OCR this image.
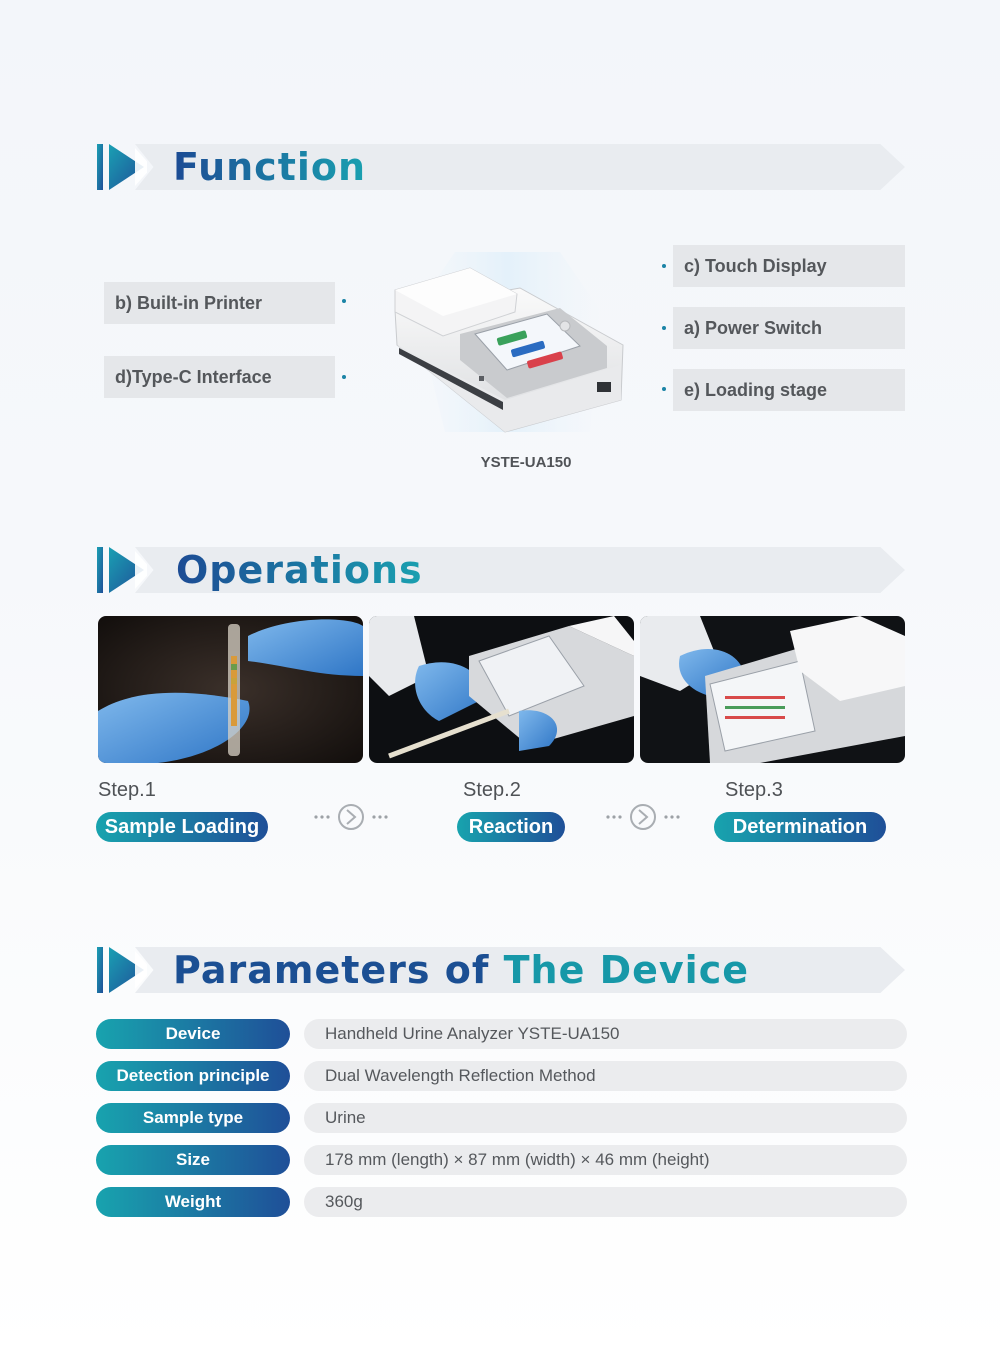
Function
b) Built-in Printer
d)Type-C Interface
c) Touch Display
a) Power Switch
e) Loading stage
YSTE-UA150
Operations
Step.1
Sample Loading
Step.2
Reaction
Step.3
Determination
Parameters of The Device
Device	Handheld Urine Analyzer YSTE-UA150
Detection principle	Dual Wavelength Reflection Method
Sample type	Urine
Size	178 mm (length) × 87 mm (width) × 46 mm (height)
Weight	360g
